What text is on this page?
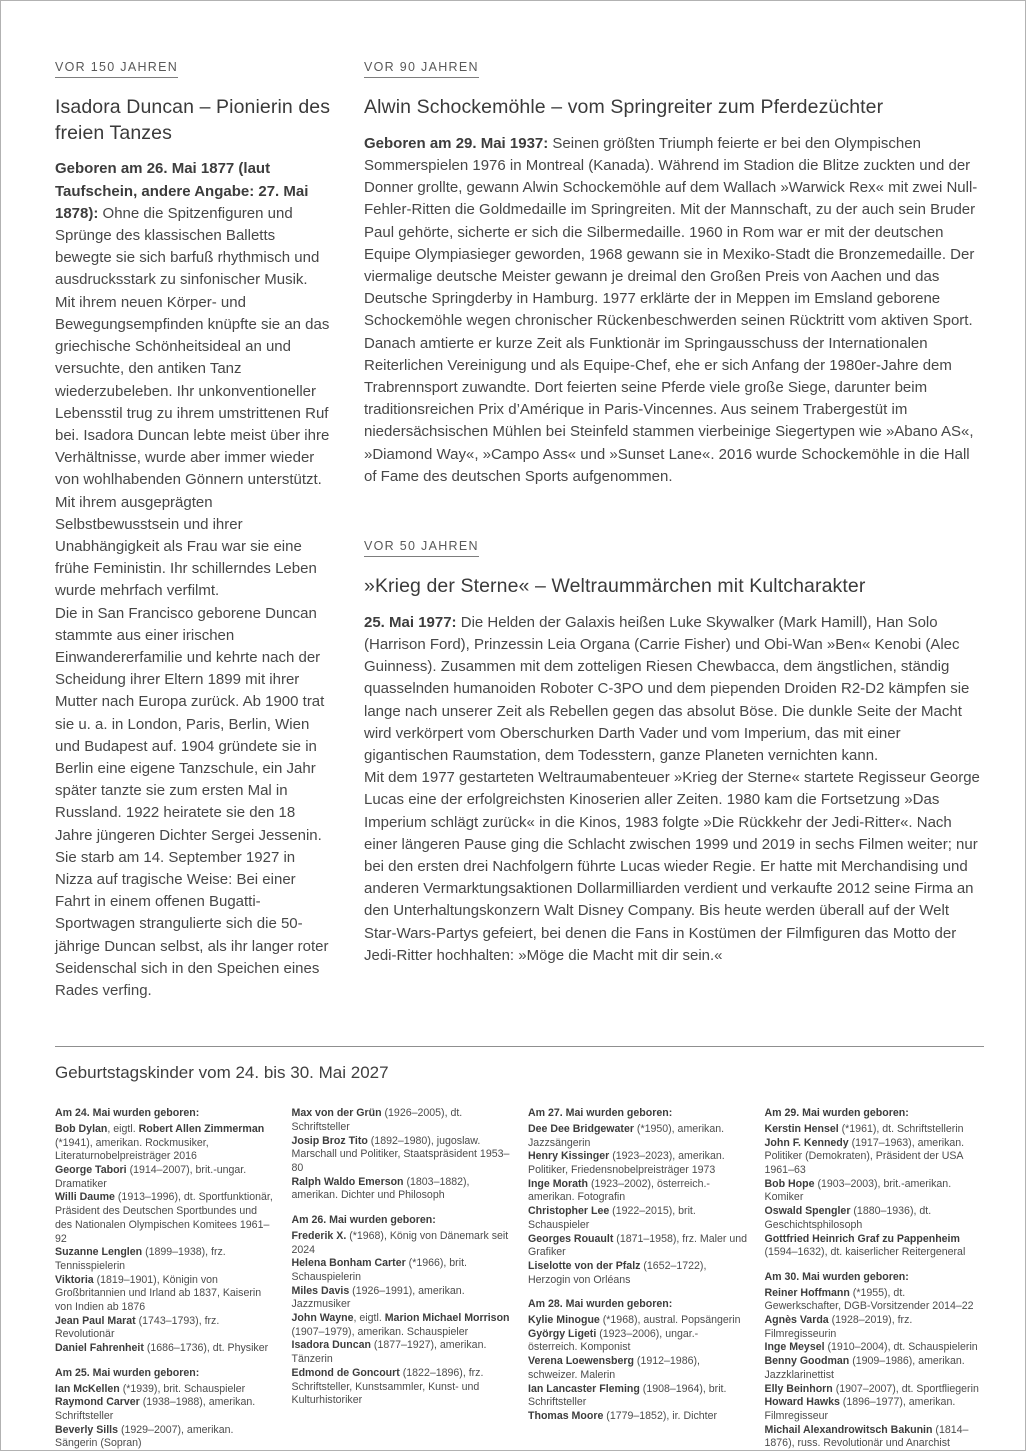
VOR 150 JAHREN
Isadora Duncan – Pionierin des freien Tanzes

Geboren am 26. Mai 1877 (laut Taufschein, andere Angabe: 27. Mai 1878): Ohne die Spitzenfiguren und Sprünge des klassischen Balletts bewegte sie sich barfuß rhythmisch und ausdrucksstark zu sinfonischer Musik. Mit ihrem neuen Körper- und Bewegungsempfinden knüpfte sie an das griechische Schönheitsideal an und versuchte, den antiken Tanz wiederzubeleben. Ihr unkonventioneller Lebensstil trug zu ihrem umstrittenen Ruf bei. Isadora Duncan lebte meist über ihre Verhältnisse, wurde aber immer wieder von wohlhabenden Gönnern unterstützt. Mit ihrem ausgeprägten Selbstbewusstsein und ihrer Unabhängigkeit als Frau war sie eine frühe Feministin. Ihr schillerndes Leben wurde mehrfach verfilmt.

Die in San Francisco geborene Duncan stammte aus einer irischen Einwandererfamilie und kehrte nach der Scheidung ihrer Eltern 1899 mit ihrer Mutter nach Europa zurück. Ab 1900 trat sie u. a. in London, Paris, Berlin, Wien und Budapest auf. 1904 gründete sie in Berlin eine eigene Tanzschule, ein Jahr später tanzte sie zum ersten Mal in Russland. 1922 heiratete sie den 18 Jahre jüngeren Dichter Sergei Jessenin. Sie starb am 14. September 1927 in Nizza auf tragische Weise: Bei einer Fahrt in einem offenen Bugatti-Sportwagen strangulierte sich die 50-jährige Duncan selbst, als ihr langer roter Seidenschal sich in den Speichen eines Rades verfing.

VOR 90 JAHREN
Alwin Schockemöhle – vom Springreiter zum Pferdezüchter

Geboren am 29. Mai 1937: Seinen größten Triumph feierte er bei den Olympischen Sommerspielen 1976 in Montreal (Kanada). Während im Stadion die Blitze zuckten und der Donner grollte, gewann Alwin Schockemöhle auf dem Wallach »Warwick Rex« mit zwei Null-Fehler-Ritten die Goldmedaille im Springreiten. Mit der Mannschaft, zu der auch sein Bruder Paul gehörte, sicherte er sich die Silbermedaille. 1960 in Rom war er mit der deutschen Equipe Olympiasieger geworden, 1968 gewann sie in Mexiko-Stadt die Bronzemedaille. Der viermalige deutsche Meister gewann je dreimal den Großen Preis von Aachen und das Deutsche Springderby in Hamburg. 1977 erklärte der in Meppen im Emsland geborene Schockemöhle wegen chronischer Rückenbeschwerden seinen Rücktritt vom aktiven Sport. Danach amtierte er kurze Zeit als Funktionär im Springausschuss der Internationalen Reiterlichen Vereinigung und als Equipe-Chef, ehe er sich Anfang der 1980er-Jahre dem Trabrennsport zuwandte. Dort feierten seine Pferde viele große Siege, darunter beim traditionsreichen Prix d’Amérique in Paris-Vincennes. Aus seinem Trabergestüt im niedersächsischen Mühlen bei Steinfeld stammen vierbeinige Siegertypen wie »Abano AS«, »Diamond Way«, »Campo Ass« und »Sunset Lane«. 2016 wurde Schockemöhle in die Hall of Fame des deutschen Sports aufgenommen.

VOR 50 JAHREN
»Krieg der Sterne« – Weltraummärchen mit Kultcharakter

25. Mai 1977: Die Helden der Galaxis heißen Luke Skywalker (Mark Hamill), Han Solo (Harrison Ford), Prinzessin Leia Organa (Carrie Fisher) und Obi-Wan »Ben« Kenobi (Alec Guinness). Zusammen mit dem zotteligen Riesen Chewbacca, dem ängstlichen, ständig quasselnden humanoiden Roboter C-3PO und dem piependen Droiden R2-D2 kämpfen sie lange nach unserer Zeit als Rebellen gegen das absolut Böse. Die dunkle Seite der Macht wird verkörpert vom Oberschurken Darth Vader und vom Imperium, das mit einer gigantischen Raumstation, dem Todesstern, ganze Planeten vernichten kann.

Mit dem 1977 gestarteten Weltraumabenteuer »Krieg der Sterne« startete Regisseur George Lucas eine der erfolgreichsten Kinoserien aller Zeiten. 1980 kam die Fortsetzung »Das Imperium schlägt zurück« in die Kinos, 1983 folgte »Die Rückkehr der Jedi-Ritter«. Nach einer längeren Pause ging die Schlacht zwischen 1999 und 2019 in sechs Filmen weiter; nur bei den ersten drei Nachfolgern führte Lucas wieder Regie. Er hatte mit Merchandising und anderen Vermarktungsaktionen Dollarmilliarden verdient und verkaufte 2012 seine Firma an den Unterhaltungskonzern Walt Disney Company. Bis heute werden überall auf der Welt Star-Wars-Partys gefeiert, bei denen die Fans in Kostümen der Filmfiguren das Motto der Jedi-Ritter hochhalten: »Möge die Macht mit dir sein.«

Geburtstagskinder vom 24. bis 30. Mai 2027
Am 24. Mai wurden geboren:
Bob Dylan, eigtl. Robert Allen Zimmerman (*1941), amerikan. Rockmusiker, Literaturnobelpreisträger 2016
George Tabori (1914–2007), brit.-ungar. Dramatiker
Willi Daume (1913–1996), dt. Sportfunktionär, Präsident des Deutschen Sportbundes und des Nationalen Olympischen Komitees 1961–92
Suzanne Lenglen (1899–1938), frz. Tennisspielerin
Viktoria (1819–1901), Königin von Großbritannien und Irland ab 1837, Kaiserin von Indien ab 1876
Jean Paul Marat (1743–1793), frz. Revolutionär
Daniel Fahrenheit (1686–1736), dt. Physiker
Am 25. Mai wurden geboren:
Ian McKellen (*1939), brit. Schauspieler
Raymond Carver (1938–1988), amerikan. Schriftsteller
Beverly Sills (1929–2007), amerikan. Sängerin (Sopran)
Max von der Grün (1926–2005), dt. Schriftsteller
Josip Broz Tito (1892–1980), jugoslaw. Marschall und Politiker, Staatspräsident 1953–80
Ralph Waldo Emerson (1803–1882), amerikan. Dichter und Philosoph
Am 26. Mai wurden geboren:
Frederik X. (*1968), König von Dänemark seit 2024
Helena Bonham Carter (*1966), brit. Schauspielerin
Miles Davis (1926–1991), amerikan. Jazzmusiker
John Wayne, eigtl. Marion Michael Morrison (1907–1979), amerikan. Schauspieler
Isadora Duncan (1877–1927), amerikan. Tänzerin
Edmond de Goncourt (1822–1896), frz. Schriftsteller, Kunstsammler, Kunst- und Kulturhistoriker
Am 27. Mai wurden geboren:
Dee Dee Bridgewater (*1950), amerikan. Jazzsängerin
Henry Kissinger (1923–2023), amerikan. Politiker, Friedensnobelpreisträger 1973
Inge Morath (1923–2002), österreich.-amerikan. Fotografin
Christopher Lee (1922–2015), brit. Schauspieler
Georges Rouault (1871–1958), frz. Maler und Grafiker
Liselotte von der Pfalz (1652–1722), Herzogin von Orléans
Am 28. Mai wurden geboren:
Kylie Minogue (*1968), austral. Popsängerin
György Ligeti (1923–2006), ungar.-österreich. Komponist
Verena Loewensberg (1912–1986), schweizer. Malerin
Ian Lancaster Fleming (1908–1964), brit. Schriftsteller
Thomas Moore (1779–1852), ir. Dichter
Am 29. Mai wurden geboren:
Kerstin Hensel (*1961), dt. Schriftstellerin
John F. Kennedy (1917–1963), amerikan. Politiker (Demokraten), Präsident der USA 1961–63
Bob Hope (1903–2003), brit.-amerikan. Komiker
Oswald Spengler (1880–1936), dt. Geschichtsphilosoph
Gottfried Heinrich Graf zu Pappenheim (1594–1632), dt. kaiserlicher Reitergeneral
Am 30. Mai wurden geboren:
Reiner Hoffmann (*1955), dt. Gewerkschafter, DGB-Vorsitzender 2014–22
Agnès Varda (1928–2019), frz. Filmregisseurin
Inge Meysel (1910–2004), dt. Schauspielerin
Benny Goodman (1909–1986), amerikan. Jazzklarinettist
Elly Beinhorn (1907–2007), dt. Sportfliegerin
Howard Hawks (1896–1977), amerikan. Filmregisseur
Michail Alexandrowitsch Bakunin (1814–1876), russ. Revolutionär und Anarchist
